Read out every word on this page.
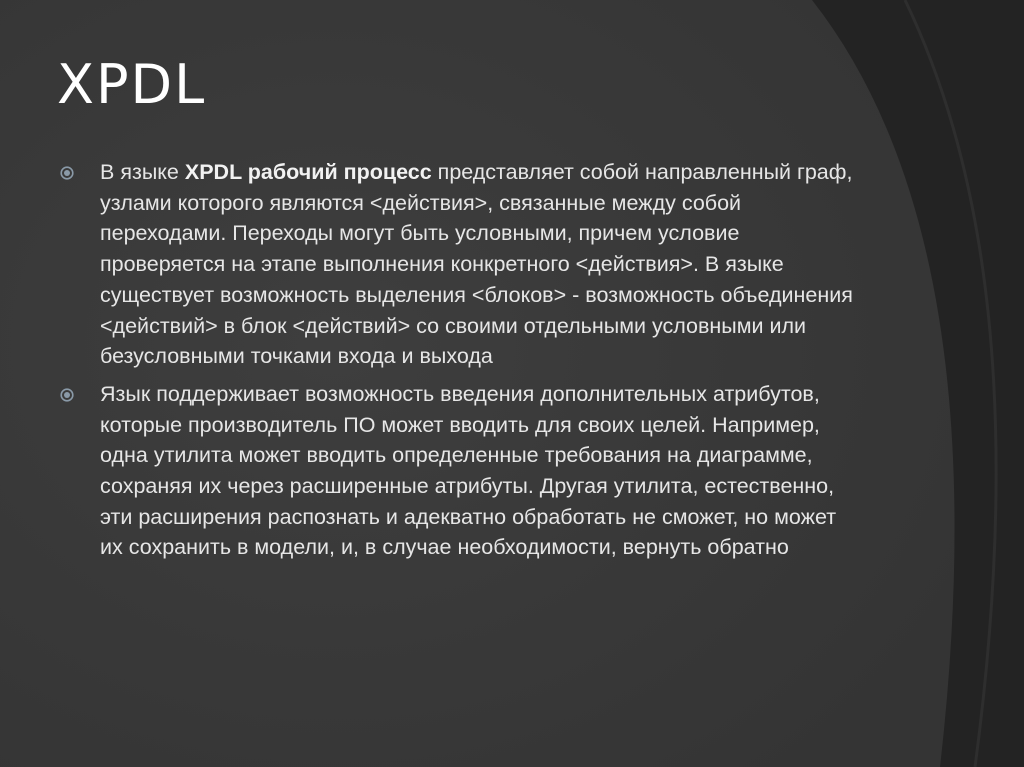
XPDL
В языке XPDL рабочий процесс представляет собой направленный граф, узлами которого являются <действия>, связанные между собой переходами. Переходы могут быть условными, причем условие проверяется на этапе выполнения конкретного <действия>. В языке существует возможность выделения <блоков> - возможность объединения <действий> в блок <действий> со своими отдельными условными или безусловными точками входа и выхода
Язык поддерживает возможность введения дополнительных атрибутов, которые производитель ПО может вводить для своих целей. Например, одна утилита может вводить определенные требования на диаграмме, сохраняя их через расширенные атрибуты. Другая утилита, естественно, эти расширения распознать и адекватно обработать не сможет, но может их сохранить в модели, и, в случае необходимости, вернуть обратно
